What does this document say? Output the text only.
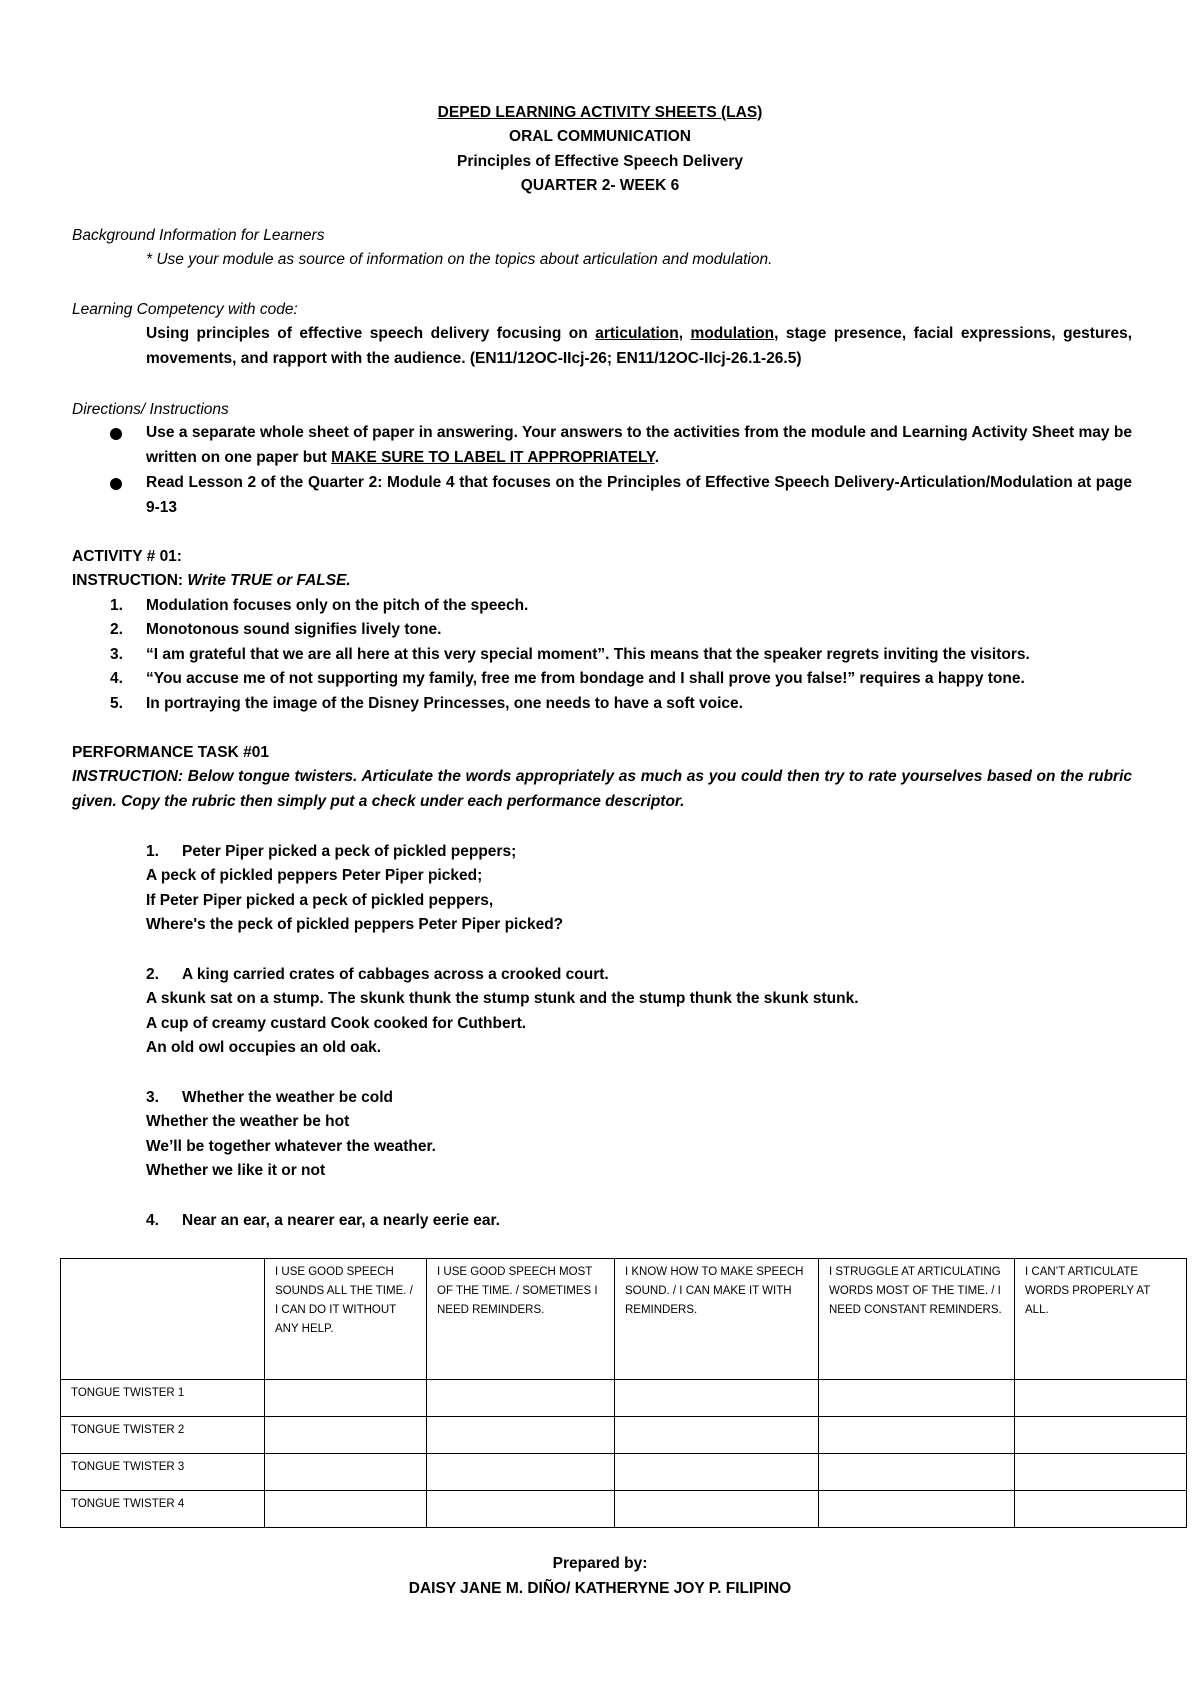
DEPED LEARNING ACTIVITY SHEETS (LAS)
ORAL COMMUNICATION
Principles of Effective Speech Delivery
QUARTER 2- WEEK 6
Background Information for Learners
* Use your module as source of information on the topics about articulation and modulation.
Learning Competency with code:
Using principles of effective speech delivery focusing on articulation, modulation, stage presence, facial expressions, gestures, movements, and rapport with the audience. (EN11/12OC-IIcj-26; EN11/12OC-IIcj-26.1-26.5)
Directions/ Instructions
Use a separate whole sheet of paper in answering. Your answers to the activities from the module and Learning Activity Sheet may be written on one paper but MAKE SURE TO LABEL IT APPROPRIATELY.
Read Lesson 2 of the Quarter 2: Module 4 that focuses on the Principles of Effective Speech Delivery-Articulation/Modulation at page 9-13
ACTIVITY # 01:
INSTRUCTION: Write TRUE or FALSE.
1. Modulation focuses only on the pitch of the speech.
2. Monotonous sound signifies lively tone.
3. “I am grateful that we are all here at this very special moment”. This means that the speaker regrets inviting the visitors.
4. “You accuse me of not supporting my family, free me from bondage and I shall prove you false!” requires a happy tone.
5. In portraying the image of the Disney Princesses, one needs to have a soft voice.
PERFORMANCE TASK #01
INSTRUCTION: Below tongue twisters. Articulate the words appropriately as much as you could then try to rate yourselves based on the rubric given. Copy the rubric then simply put a check under each performance descriptor.
1. Peter Piper picked a peck of pickled peppers;
A peck of pickled peppers Peter Piper picked;
If Peter Piper picked a peck of pickled peppers,
Where's the peck of pickled peppers Peter Piper picked?
2. A king carried crates of cabbages across a crooked court.
A skunk sat on a stump. The skunk thunk the stump stunk and the stump thunk the skunk stunk.
A cup of creamy custard Cook cooked for Cuthbert.
An old owl occupies an old oak.
3. Whether the weather be cold
Whether the weather be hot
We’ll be together whatever the weather.
Whether we like it or not
4. Near an ear, a nearer ear, a nearly eerie ear.
	I USE GOOD SPEECH SOUNDS ALL THE TIME. / I CAN DO IT WITHOUT ANY HELP.	I USE GOOD SPEECH MOST OF THE TIME. / SOMETIMES I NEED REMINDERS.	I KNOW HOW TO MAKE SPEECH SOUND. / I CAN MAKE IT WITH REMINDERS.	I STRUGGLE AT ARTICULATING WORDS MOST OF THE TIME. / I NEED CONSTANT REMINDERS.	I CAN’T ARTICULATE WORDS PROPERLY AT ALL.
TONGUE TWISTER 1					
TONGUE TWISTER 2					
TONGUE TWISTER 3					
TONGUE TWISTER 4					
Prepared by:
DAISY JANE M. DIÑO/ KATHERYNE JOY P. FILIPINO
